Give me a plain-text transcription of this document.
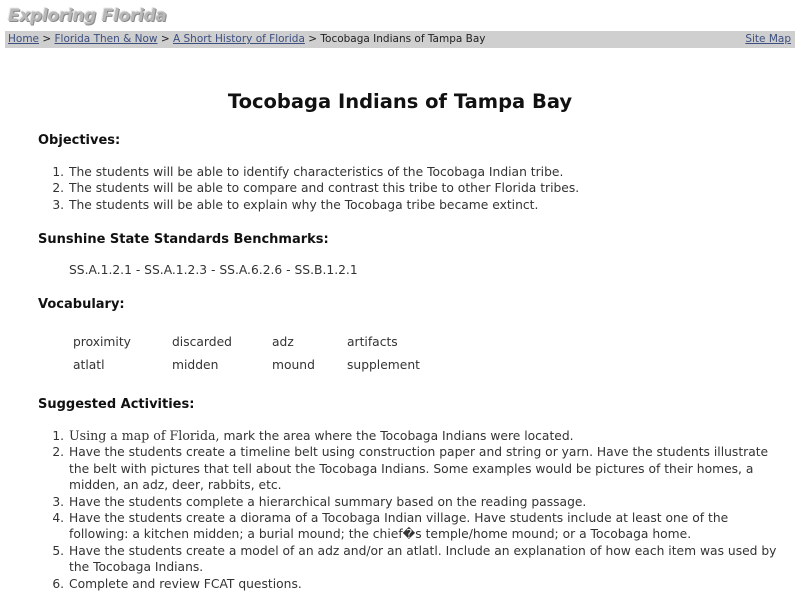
Exploring Florida
Home > Florida Then & Now > A Short History of Florida > Tocobaga Indians of Tampa Bay	Site Map
Tocobaga Indians of Tampa Bay
Objectives:
1. The students will be able to identify characteristics of the Tocobaga Indian tribe.
2. The students will be able to compare and contrast this tribe to other Florida tribes.
3. The students will be able to explain why the Tocobaga tribe became extinct.
Sunshine State Standards Benchmarks:
SS.A.1.2.1 - SS.A.1.2.3 - SS.A.6.2.6 - SS.B.1.2.1
Vocabulary:
proximity	discarded	adz	artifacts
atlatl	midden	mound	supplement
Suggested Activities:
1. Using a map of Florida, mark the area where the Tocobaga Indians were located.
2. Have the students create a timeline belt using construction paper and string or yarn. Have the students illustrate the belt with pictures that tell about the Tocobaga Indians. Some examples would be pictures of their homes, a midden, an adz, deer, rabbits, etc.
3. Have the students complete a hierarchical summary based on the reading passage.
4. Have the students create a diorama of a Tocobaga Indian village. Have students include at least one of the following: a kitchen midden; a burial mound; the chief�s temple/home mound; or a Tocobaga home.
5. Have the students create a model of an adz and/or an atlatl. Include an explanation of how each item was used by the Tocobaga Indians.
6. Complete and review FCAT questions.
